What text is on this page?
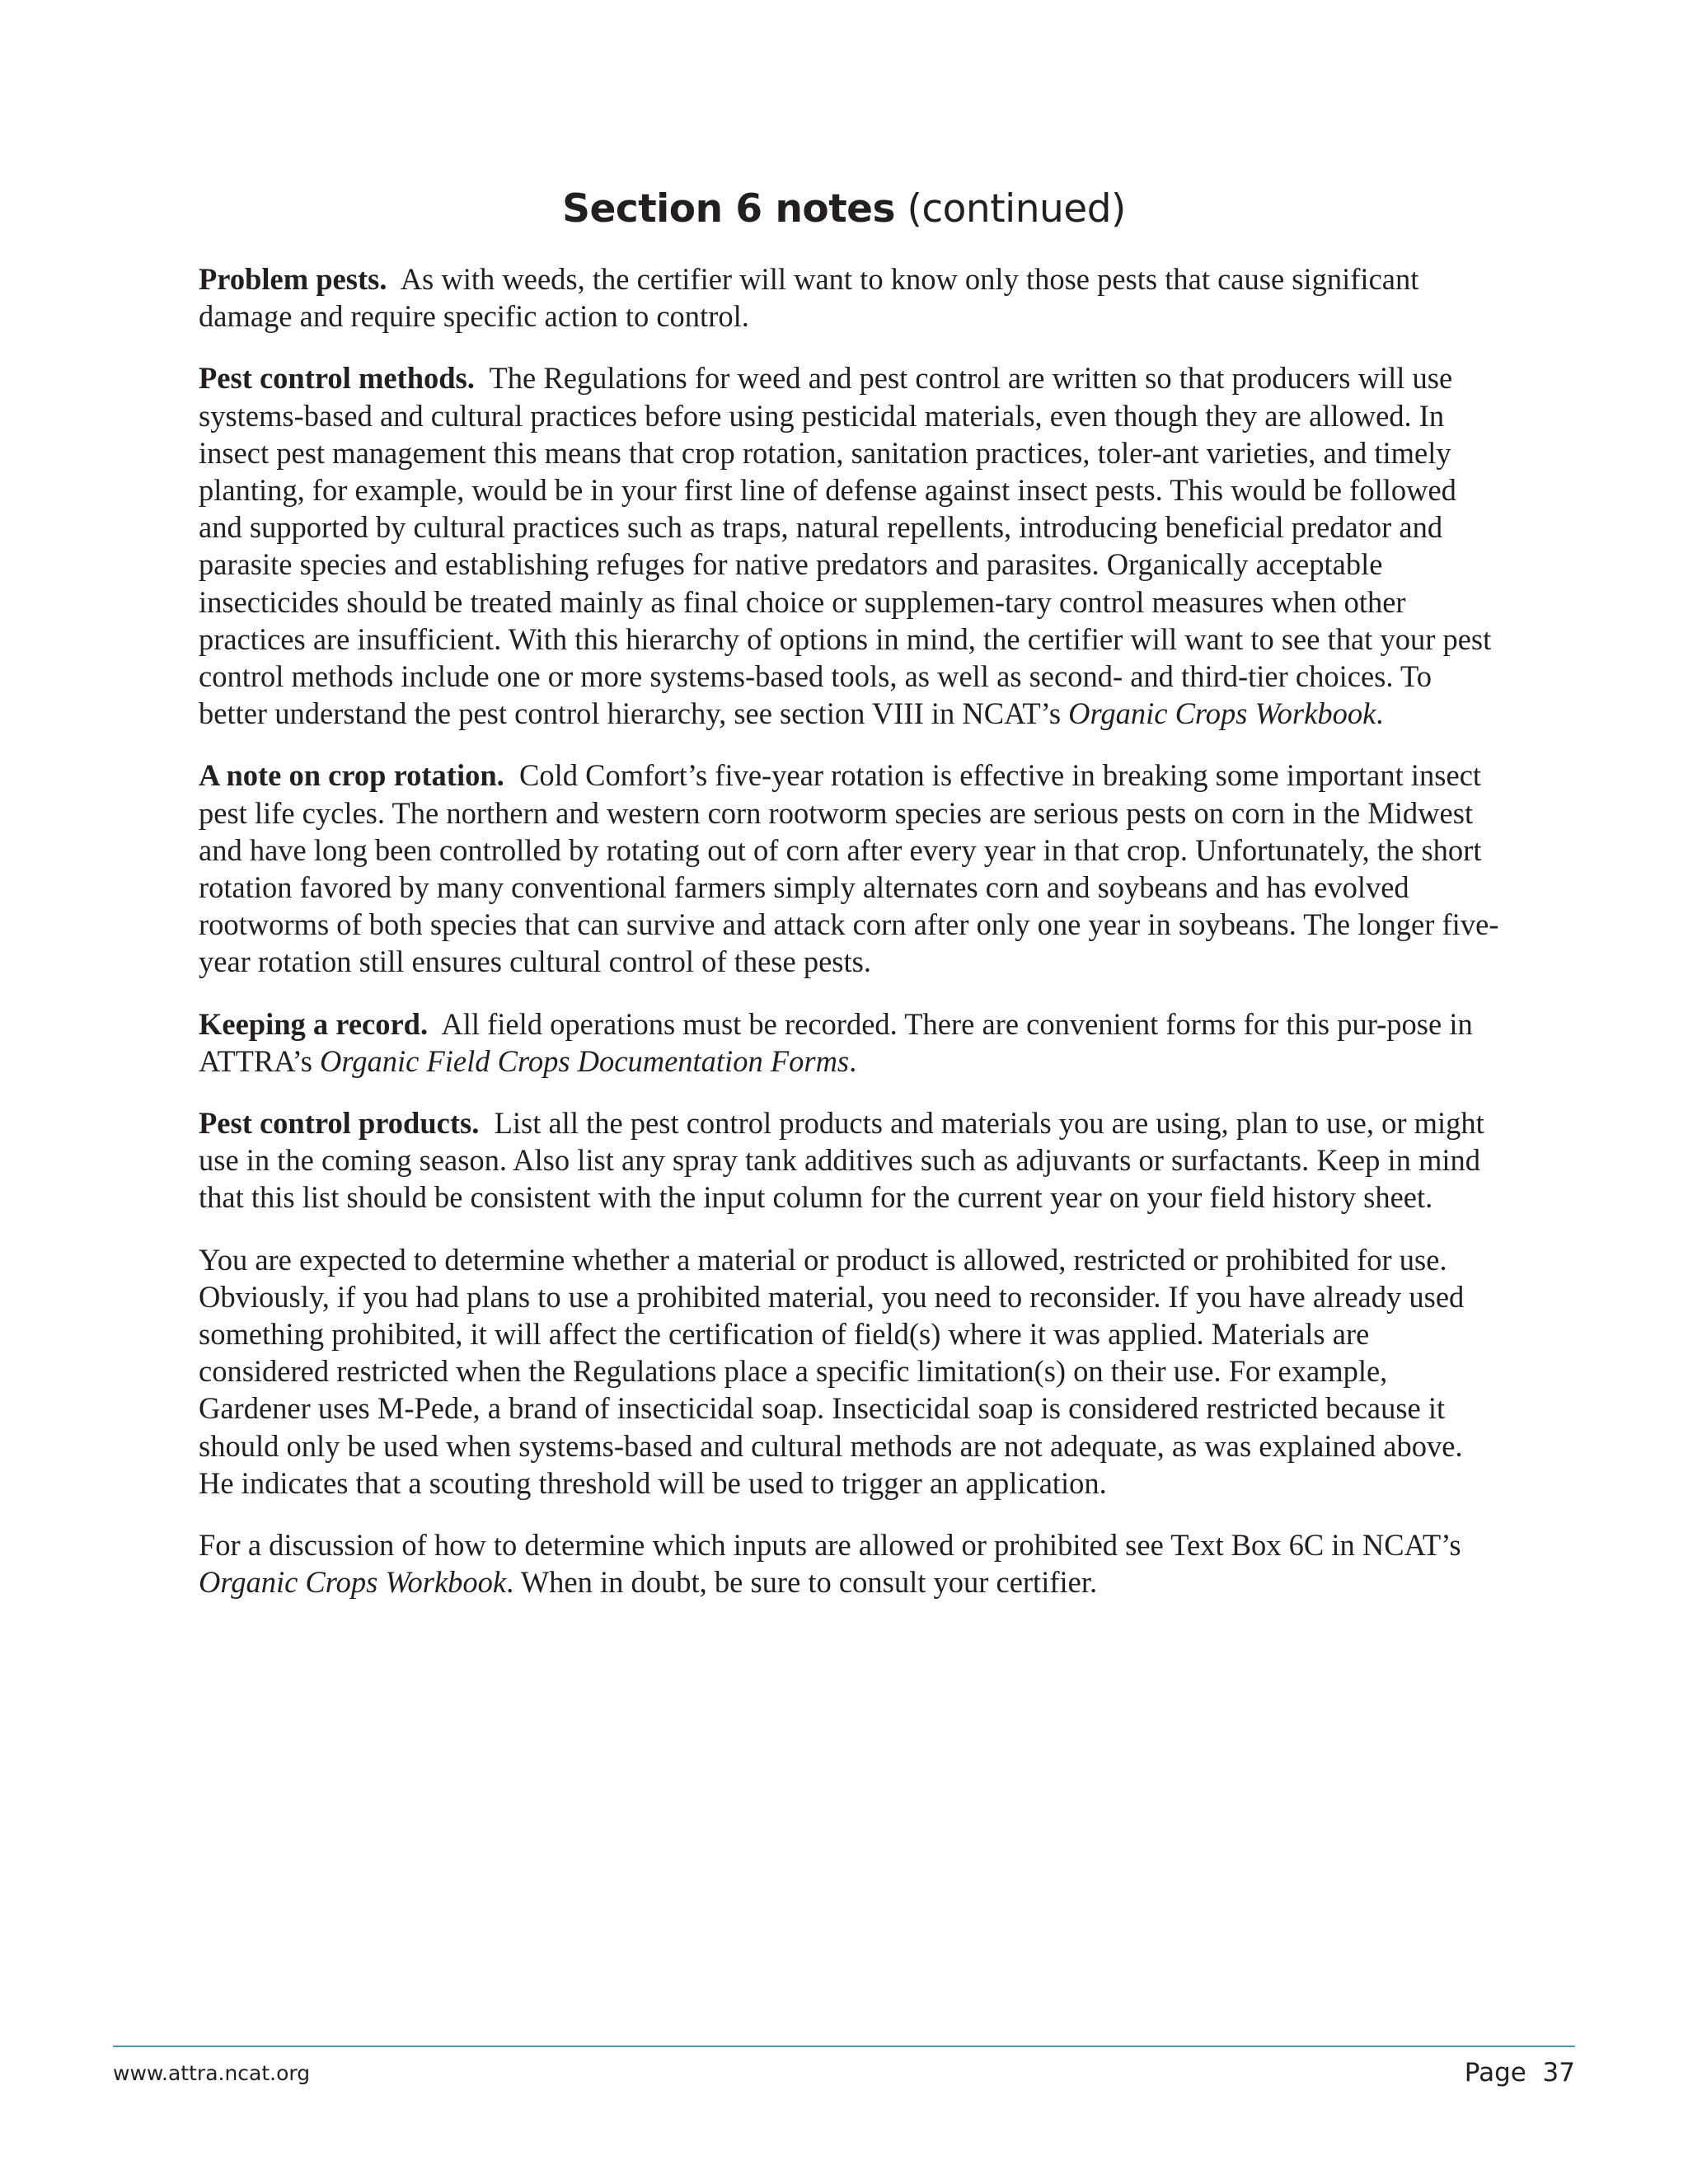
Section 6 notes (continued)

Problem pests. As with weeds, the certifier will want to know only those pests that cause significant damage and require specific action to control.

Pest control methods. The Regulations for weed and pest control are written so that producers will use systems-based and cultural practices before using pesticidal materials, even though they are allowed. In insect pest management this means that crop rotation, sanitation practices, toler-ant varieties, and timely planting, for example, would be in your first line of defense against insect pests. This would be followed and supported by cultural practices such as traps, natural repellents, introducing beneficial predator and parasite species and establishing refuges for native predators and parasites. Organically acceptable insecticides should be treated mainly as final choice or supplemen-tary control measures when other practices are insufficient. With this hierarchy of options in mind, the certifier will want to see that your pest control methods include one or more systems-based tools, as well as second- and third-tier choices. To better understand the pest control hierarchy, see section VIII in NCAT’s Organic Crops Workbook.

A note on crop rotation. Cold Comfort’s five-year rotation is effective in breaking some important insect pest life cycles. The northern and western corn rootworm species are serious pests on corn in the Midwest and have long been controlled by rotating out of corn after every year in that crop. Unfortunately, the short rotation favored by many conventional farmers simply alternates corn and soybeans and has evolved rootworms of both species that can survive and attack corn after only one year in soybeans. The longer five-year rotation still ensures cultural control of these pests.

Keeping a record. All field operations must be recorded. There are convenient forms for this pur-pose in ATTRA’s Organic Field Crops Documentation Forms.

Pest control products. List all the pest control products and materials you are using, plan to use, or might use in the coming season. Also list any spray tank additives such as adjuvants or surfactants. Keep in mind that this list should be consistent with the input column for the current year on your field history sheet.

You are expected to determine whether a material or product is allowed, restricted or prohibited for use. Obviously, if you had plans to use a prohibited material, you need to reconsider. If you have already used something prohibited, it will affect the certification of field(s) where it was applied. Materials are considered restricted when the Regulations place a specific limitation(s) on their use. For example, Gardener uses M-Pede, a brand of insecticidal soap. Insecticidal soap is considered restricted because it should only be used when systems-based and cultural methods are not adequate, as was explained above. He indicates that a scouting threshold will be used to trigger an application.

For a discussion of how to determine which inputs are allowed or prohibited see Text Box 6C in NCAT’s Organic Crops Workbook. When in doubt, be sure to consult your certifier.

www.attra.ncat.org	Page  37
